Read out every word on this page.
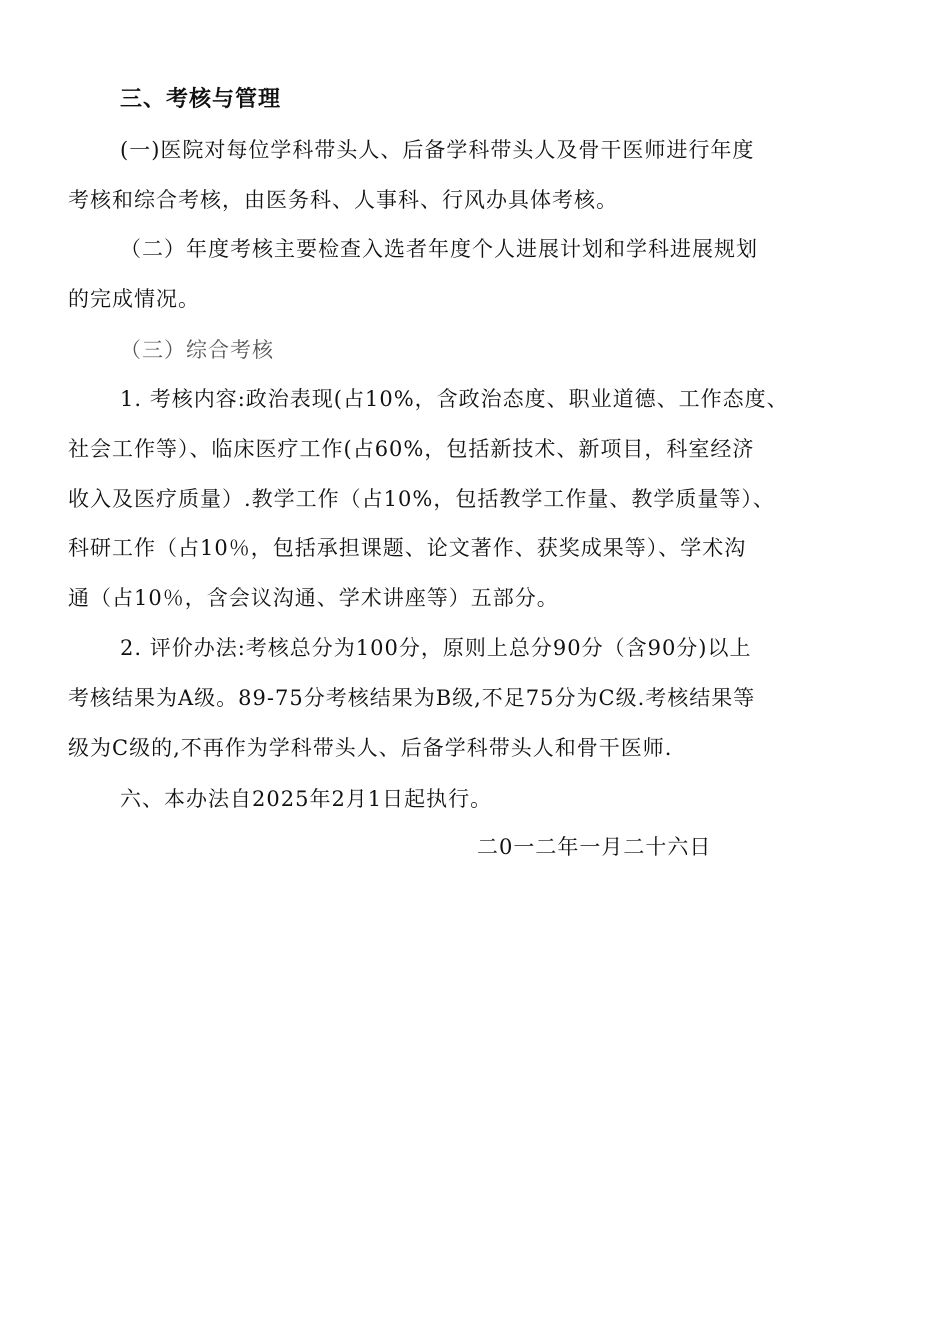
三、考核与管理
(一)医院对每位学科带头人、后备学科带头人及骨干医师进行年度
考核和综合考核，由医务科、人事科、行风办具体考核。
（二）年度考核主要检查入选者年度个人进展计划和学科进展规划
的完成情况。
（三）综合考核
1. 考核内容:政治表现(占10%，含政治态度、职业道德、工作态度、
社会工作等）、临床医疗工作(占60%，包括新技术、新项目，科室经济
收入及医疗质量）.教学工作（占10%，包括教学工作量、教学质量等）、
科研工作（占10％，包括承担课题、论文著作、获奖成果等）、学术沟
通（占10％，含会议沟通、学术讲座等）五部分。
2. 评价办法:考核总分为100分，原则上总分90分（含90分)以上
考核结果为A级。89-75分考核结果为B级,不足75分为C级.考核结果等
级为C级的,不再作为学科带头人、后备学科带头人和骨干医师.
六、本办法自2025年2月1日起执行。
二0一二年一月二十六日
